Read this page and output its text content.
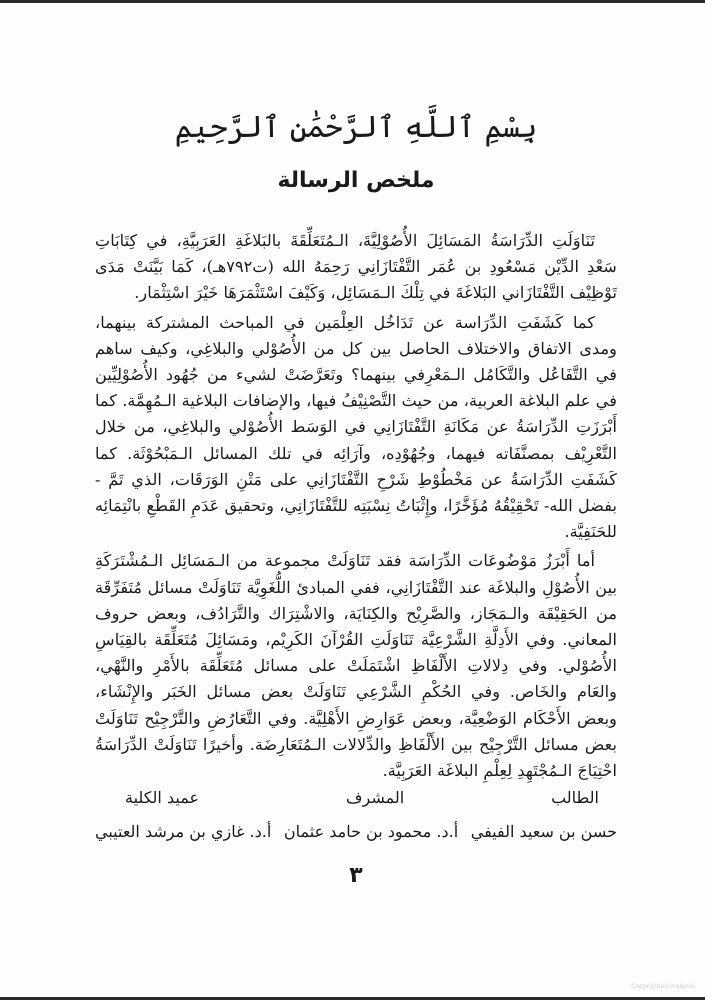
بِسْمِ ٱللَّهِ ٱلرَّحْمَٰنِ ٱلرَّحِيمِ
ملخص الرسالة

تَنَاوَلَتِ الدِّرَاسَةُ المَسَائِلَ الأُصُوْلِيَّةَ، الـمُتَعَلِّقَةَ بالبَلاغَةِ العَرَبِيَّةِ، في كِتَابَاتِ سَعْدِ الدِّيْن مَسْعُودِ بن عُمَر التَّفْتَازَانِي رَحِمَهُ الله (ت٧٩٢هـ)، كَمَا بَيَّنَتْ مَدَى تَوْظِيْف التَّفْتَازَاني البَلاغَةَ في تِلْكَ الـمَسَائِل، وَكَيْفَ اسْتَثْمَرَهَا خَيْرَ اسْتِثْمَار.

كما كَشَفَتِ الدِّرَاسة عن تَدَاخُل العِلْمَين في المباحث المشتركة بينهما، ومدى الاتفاق والاختلاف الحاصل بين كل من الأُصُوْلي والبلاغِي، وكيف ساهم في التَّفَاعُل والتَّكَامُل الـمَعْرِفي بينهما؟ وتَعَرَّضَتْ لشيء من جُهُود الأُصُوْلِيِّين في علم البلاغة العربية، من حيث التَّصْنِيْفُ فيها، والإضافات البلاغية الـمُهِمَّة. كما أَبْرَزَتِ الدِّرَاسَةُ عن مَكَانَةِ التَّفْتَازَانِي في الوَسَط الأُصُوْلي والبلاغِي، من خلال التَّعْرِيْف بمصنَّفَاته فيهما، وجُهُوْدِه، وآرَائِه في تلك المسائل الـمَبْحُوْثَة. كما كَشَفَتِ الدِّرَاسَةُ عن مَخْطُوْطِ شَرْحِ التَّفْتَازَانِي على مَتْنِ الوَرَقَات، الذي تَمَّ - بفضل الله- تَحْقِيْقُهُ مُؤَخَّرًا، وإِثْبَاتُ نِسْبَتِه للتَّفْتَازَانِي، وتحقيق عَدَمِ القَطْعِ بانْتِمَائِه للحَنَفِيَّة.

أما أَبْرَزُ مَوْضُوعَات الدِّرَاسَة فقد تَنَاوَلَتْ مجموعة من الـمَسَائِل الـمُشْتَرَكَةِ بين الأُصُوْلِ والبلاغَة عند التَّفْتَازَانِي، ففي المبادئ اللُّغَوِيَّة تَنَاوَلَتْ مسائل مُتَفَرِّقَة من الحَقِيْقَة والـمَجَاز، والصَّرِيْح والكِنَايَة، والاشْتِرَاك والتَّرَادُف، وبعض حروف المعاني. وفي الأَدِلَّةِ الشَّرْعِيَّة تَنَاوَلَتِ القُرْآنَ الكَرِيْم، ومَسَائِلَ مُتَعَلِّقَة بالقِيَاسِ الأُصُوْلي. وفي دِلالاتِ الأَلْفَاظِ اشْتَمَلَتْ على مسائل مُتَعَلِّقَة بالأَمْرِ والنَّهْي، والعَام والخَاص. وفي الحُكْمِ الشَّرْعِي تَنَاوَلَتْ بعض مسائل الخَبَر والإِنْشَاء، وبعض الأَحْكَام الوَضْعِيَّة، وبعض عَوَارِضِ الأَهْلِيَّة. وفي التَّعَارُضِ والتَّرْجِيْح تَنَاوَلَتْ بعض مسائل التَّرْجِيْح بين الأَلْفَاظِ والدِّلالات الـمُتَعَارِضَة. وأخيرًا تَنَاوَلَتْ الدِّرَاسَةُ احْتِيَاجَ الـمُجْتَهِدِ لِعِلْمِ البلاغَة العَرَبِيَّة.

الطالب
المشرف
عميد الكلية
حسن بن سعيد الفيفي
أ.د. محمود بن حامد عثمان
أ.د. غازي بن مرشد العتيبي
٣
Copyrighted material
